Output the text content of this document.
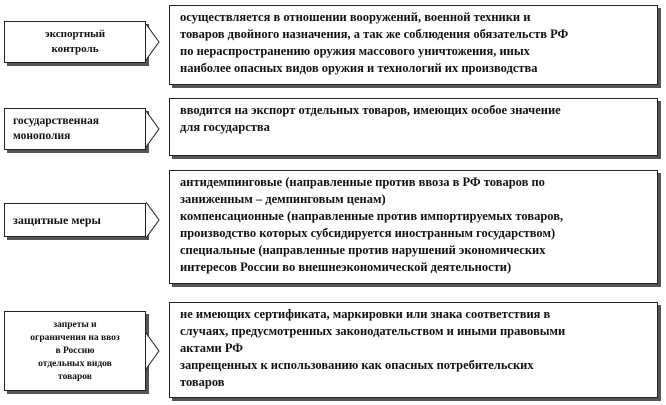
экспортный
контроль
осуществляется в отношении вооружений, военной техники и
товаров двойного назначения, а так же соблюдения обязательств РФ
по нераспространению оружия массового уничтожения, иных
наиболее опасных видов оружия и технологий их производства
государственная
монополия
вводится на экспорт отдельных товаров, имеющих особое значение
для государства
защитные меры
антидемпинговые (направленные против ввоза в РФ товаров по
заниженным – демпинговым ценам)
компенсационные (направленные против импортируемых товаров,
производство которых субсидируется иностранным государством)
специальные (направленные против нарушений экономических
интересов России во внешнеэкономической деятельности)
запреты и
ограничения на ввоз
в Россию
отдельных видов
товаров
не имеющих сертификата, маркировки или знака соответствия в
случаях, предусмотренных законодательством и иными правовыми
актами РФ
запрещенных к использованию как опасных потребительских
товаров
